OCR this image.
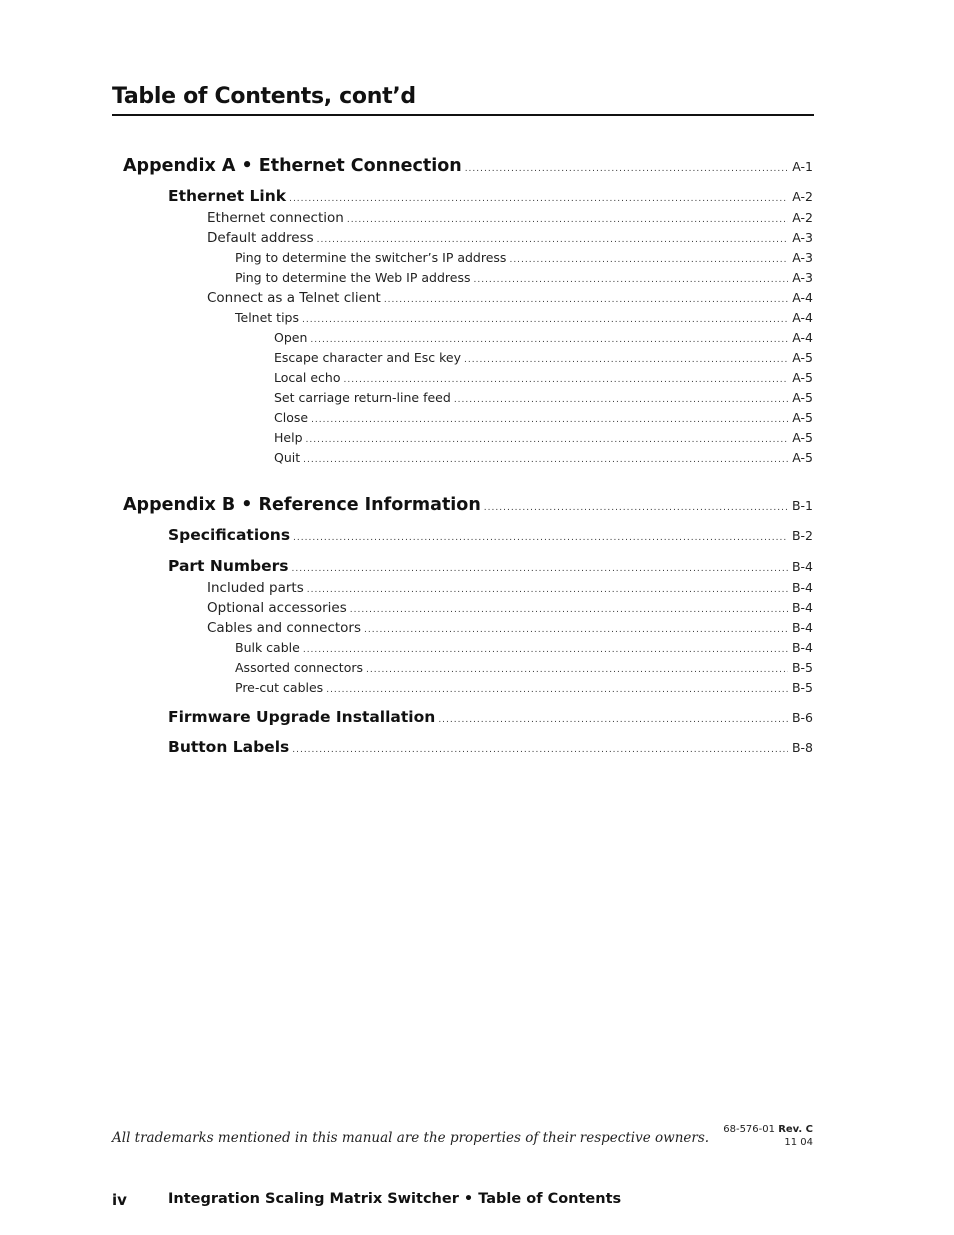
Table of Contents, cont’d
Appendix A • Ethernet Connection .....	A-1
Ethernet Link .....	A-2
Ethernet connection .....	A-2
Default address .....	A-3
Ping to determine the switcher’s IP address .....	A-3
Ping to determine the Web IP address .....	A-3
Connect as a Telnet client .....	A-4
Telnet tips .....	A-4
Open .....	A-4
Escape character and Esc key .....	A-5
Local echo .....	A-5
Set carriage return-line feed .....	A-5
Close .....	A-5
Help .....	A-5
Quit .....	A-5
Appendix B • Reference Information .....	B-1
Specifications .....	B-2
Part Numbers .....	B-4
Included parts .....	B-4
Optional accessories .....	B-4
Cables and connectors .....	B-4
Bulk cable .....	B-4
Assorted connectors .....	B-5
Pre-cut cables .....	B-5
Firmware Upgrade Installation .....	B-6
Button Labels .....	B-8
All trademarks mentioned in this manual are the properties of their respective owners.
68-576-01 Rev. C
11 04
iv	Integration Scaling Matrix Switcher • Table of Contents
